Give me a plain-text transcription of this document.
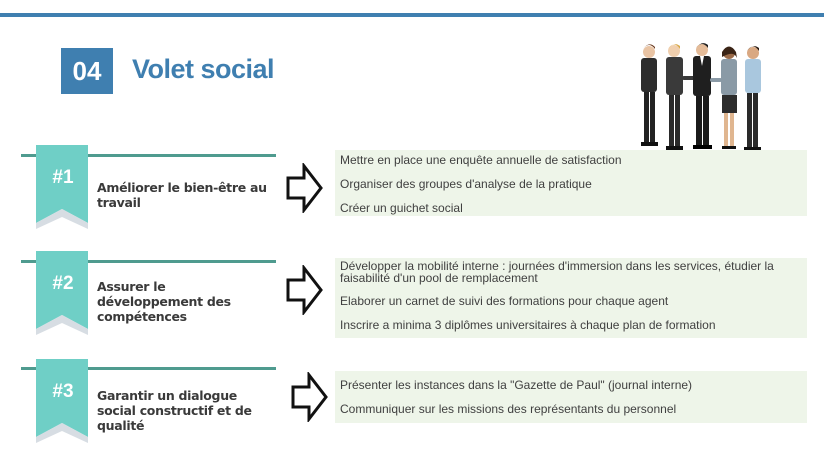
04 Volet social
#1	Améliorer le bien-être au travail
Mettre en place une enquête annuelle de satisfaction
Organiser des groupes d'analyse de la pratique
Créer un guichet social
#2	Assurer le développement des compétences
Développer la mobilité interne : journées d'immersion dans les services, étudier la faisabilité d'un pool de remplacement
Elaborer un carnet de suivi des formations pour chaque agent
Inscrire a minima 3 diplômes universitaires à chaque plan de formation
#3	Garantir un dialogue social constructif et de qualité
Présenter les instances dans la "Gazette de Paul" (journal interne)
Communiquer sur les missions des représentants du personnel
